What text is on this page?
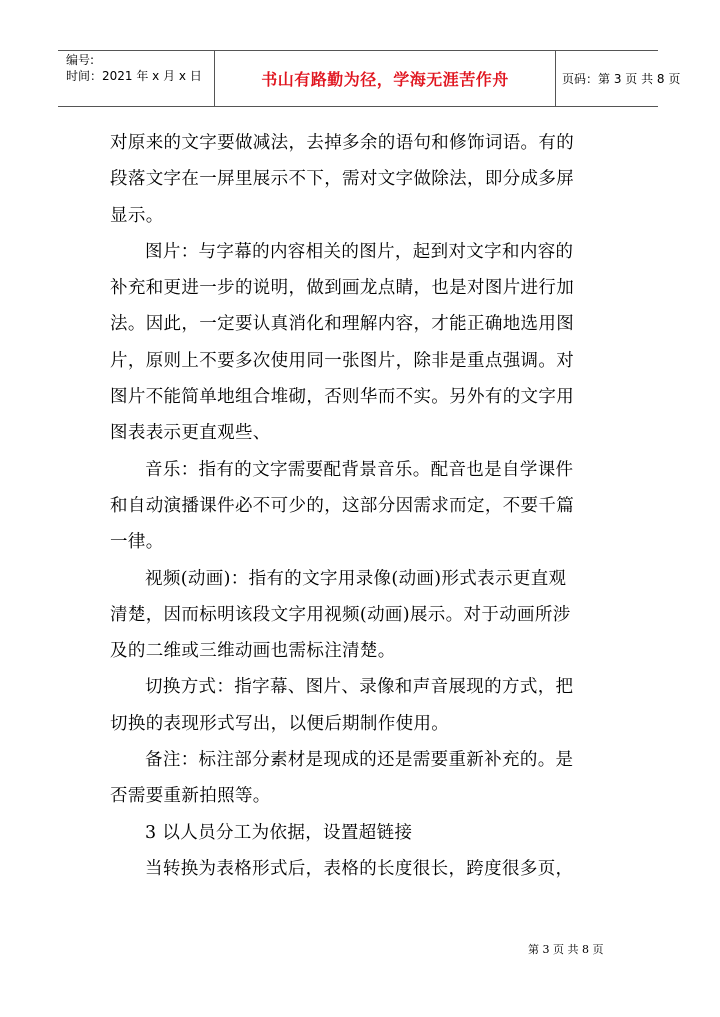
编号:
时间：2021 年 x 月 x 日	书山有路勤为径，学海无涯苦作舟	页码：第 3 页 共 8 页
对原来的文字要做减法，去掉多余的语句和修饰词语。有的
段落文字在一屏里展示不下，需对文字做除法，即分成多屏
显示。
图片：与字幕的内容相关的图片，起到对文字和内容的
补充和更进一步的说明，做到画龙点睛，也是对图片进行加
法。因此，一定要认真消化和理解内容，才能正确地选用图
片，原则上不要多次使用同一张图片，除非是重点强调。对
图片不能简单地组合堆砌，否则华而不实。另外有的文字用
图表表示更直观些、
音乐：指有的文字需要配背景音乐。配音也是自学课件
和自动演播课件必不可少的，这部分因需求而定，不要千篇
一律。
视频(动画)：指有的文字用录像(动画)形式表示更直观
清楚，因而标明该段文字用视频(动画)展示。对于动画所涉
及的二维或三维动画也需标注清楚。
切换方式：指字幕、图片、录像和声音展现的方式，把
切换的表现形式写出，以便后期制作使用。
备注：标注部分素材是现成的还是需要重新补充的。是
否需要重新拍照等。
3 以人员分工为依据，设置超链接
当转换为表格形式后，表格的长度很长，跨度很多页，
第 3 页 共 8 页
